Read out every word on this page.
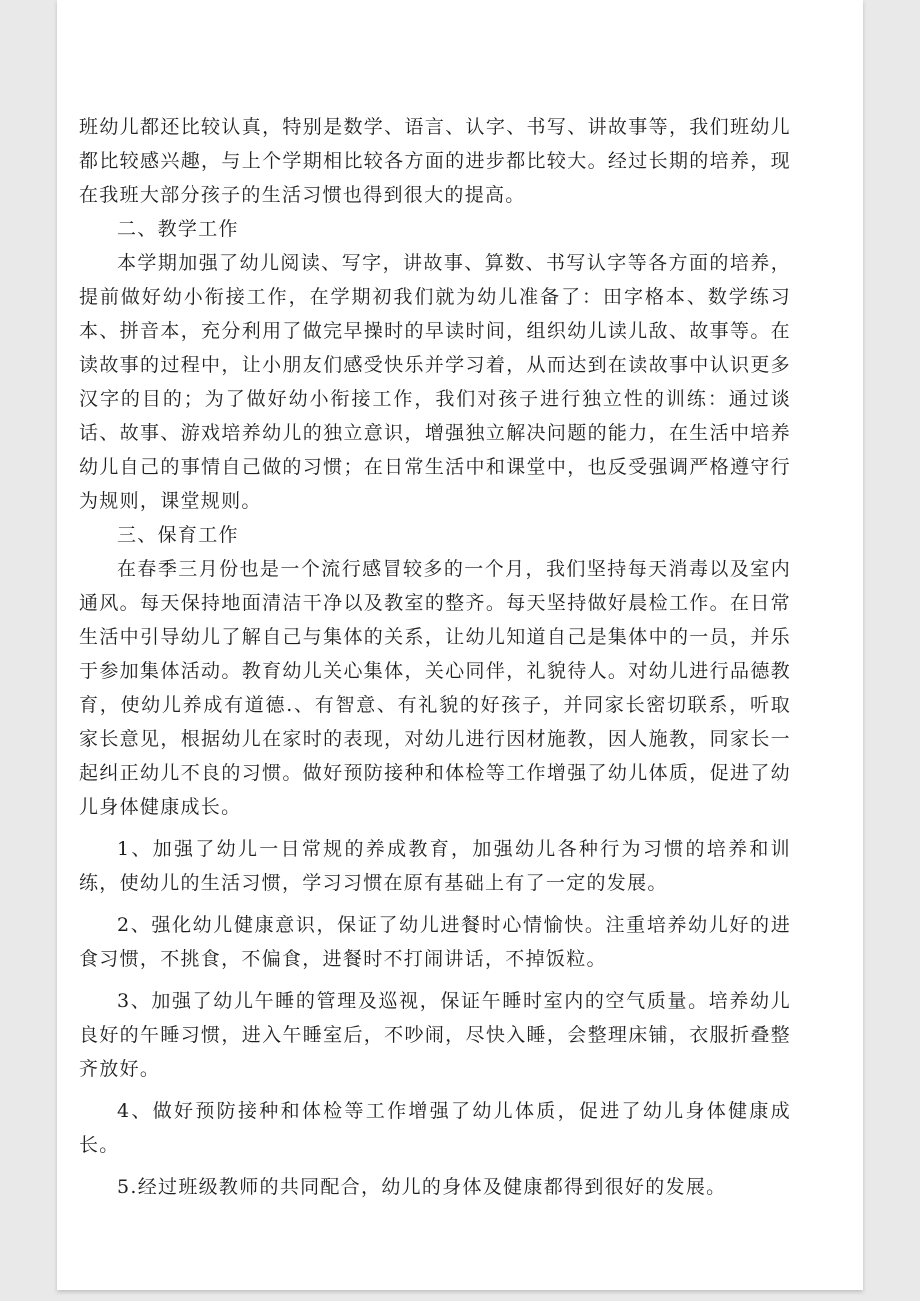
班幼儿都还比较认真，特别是数学、语言、认字、书写、讲故事等，我们班幼儿都比较感兴趣，与上个学期相比较各方面的进步都比较大。经过长期的培养，现在我班大部分孩子的生活习惯也得到很大的提高。

二、教学工作

本学期加强了幼儿阅读、写字，讲故事、算数、书写认字等各方面的培养，提前做好幼小衔接工作，在学期初我们就为幼儿准备了：田字格本、数学练习本、拼音本，充分利用了做完早操时的早读时间，组织幼儿读儿敌、故事等。在读故事的过程中，让小朋友们感受快乐并学习着，从而达到在读故事中认识更多汉字的目的；为了做好幼小衔接工作，我们对孩子进行独立性的训练：通过谈话、故事、游戏培养幼儿的独立意识，增强独立解决问题的能力，在生活中培养幼儿自己的事情自己做的习惯；在日常生活中和课堂中，也反受强调严格遵守行为规则，课堂规则。

三、保育工作

在春季三月份也是一个流行感冒较多的一个月，我们坚持每天消毒以及室内通风。每天保持地面清洁干净以及教室的整齐。每天坚持做好晨检工作。在日常生活中引导幼儿了解自己与集体的关系，让幼儿知道自己是集体中的一员，并乐于参加集体活动。教育幼儿关心集体，关心同伴，礼貌待人。对幼儿进行品德教育，使幼儿养成有道德.、有智意、有礼貌的好孩子，并同家长密切联系，听取家长意见，根据幼儿在家时的表现，对幼儿进行因材施教，因人施教，同家长一起纠正幼儿不良的习惯。做好预防接种和体检等工作增强了幼儿体质，促进了幼儿身体健康成长。

1、加强了幼儿一日常规的养成教育，加强幼儿各种行为习惯的培养和训练，使幼儿的生活习惯，学习习惯在原有基础上有了一定的发展。

2、强化幼儿健康意识，保证了幼儿进餐时心情愉快。注重培养幼儿好的进食习惯，不挑食，不偏食，进餐时不打闹讲话，不掉饭粒。

3、加强了幼儿午睡的管理及巡视，保证午睡时室内的空气质量。培养幼儿良好的午睡习惯，进入午睡室后，不吵闹，尽快入睡，会整理床铺，衣服折叠整齐放好。

4、做好预防接种和体检等工作增强了幼儿体质，促进了幼儿身体健康成长。

5.经过班级教师的共同配合，幼儿的身体及健康都得到很好的发展。
